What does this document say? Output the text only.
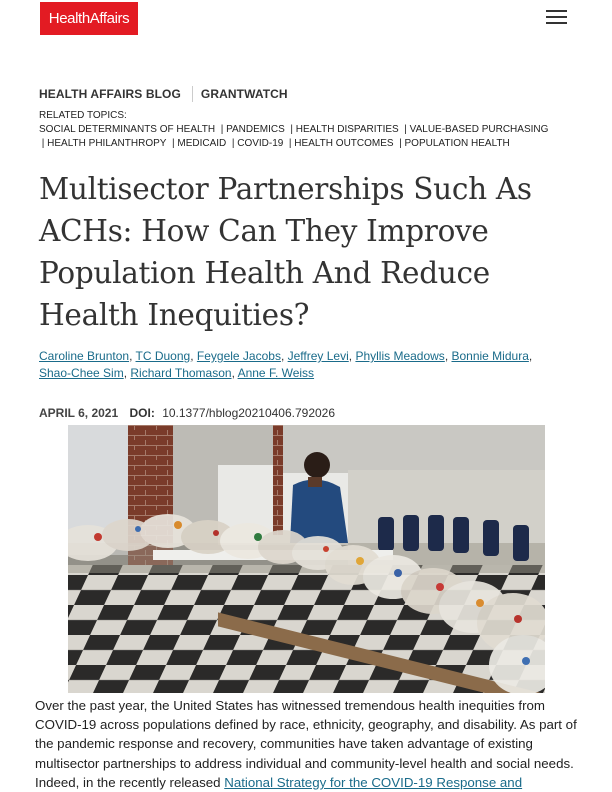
HealthAffairs
HEALTH AFFAIRS BLOG GRANTWATCH
RELATED TOPICS:
SOCIAL DETERMINANTS OF HEALTH  | PANDEMICS  | HEALTH DISPARITIES  | VALUE-BASED PURCHASING
| HEALTH PHILANTHROPY  | MEDICAID  | COVID-19  | HEALTH OUTCOMES  | POPULATION HEALTH
Multisector Partnerships Such As ACHs: How Can They Improve Population Health And Reduce Health Inequities?
Caroline Brunton, TC Duong, Feygele Jacobs, Jeffrey Levi, Phyllis Meadows, Bonnie Midura, Shao-Chee Sim, Richard Thomason, Anne F. Weiss
APRIL 6, 2021 DOI: 10.1377/hblog20210406.792026

Over the past year, the United States has witnessed tremendous health inequities from COVID-19 across populations defined by race, ethnicity, geography, and disability. As part of the pandemic response and recovery, communities have taken advantage of existing multisector partnerships to address individual and community-level health and social needs. Indeed, in the recently released National Strategy for the COVID-19 Response and
